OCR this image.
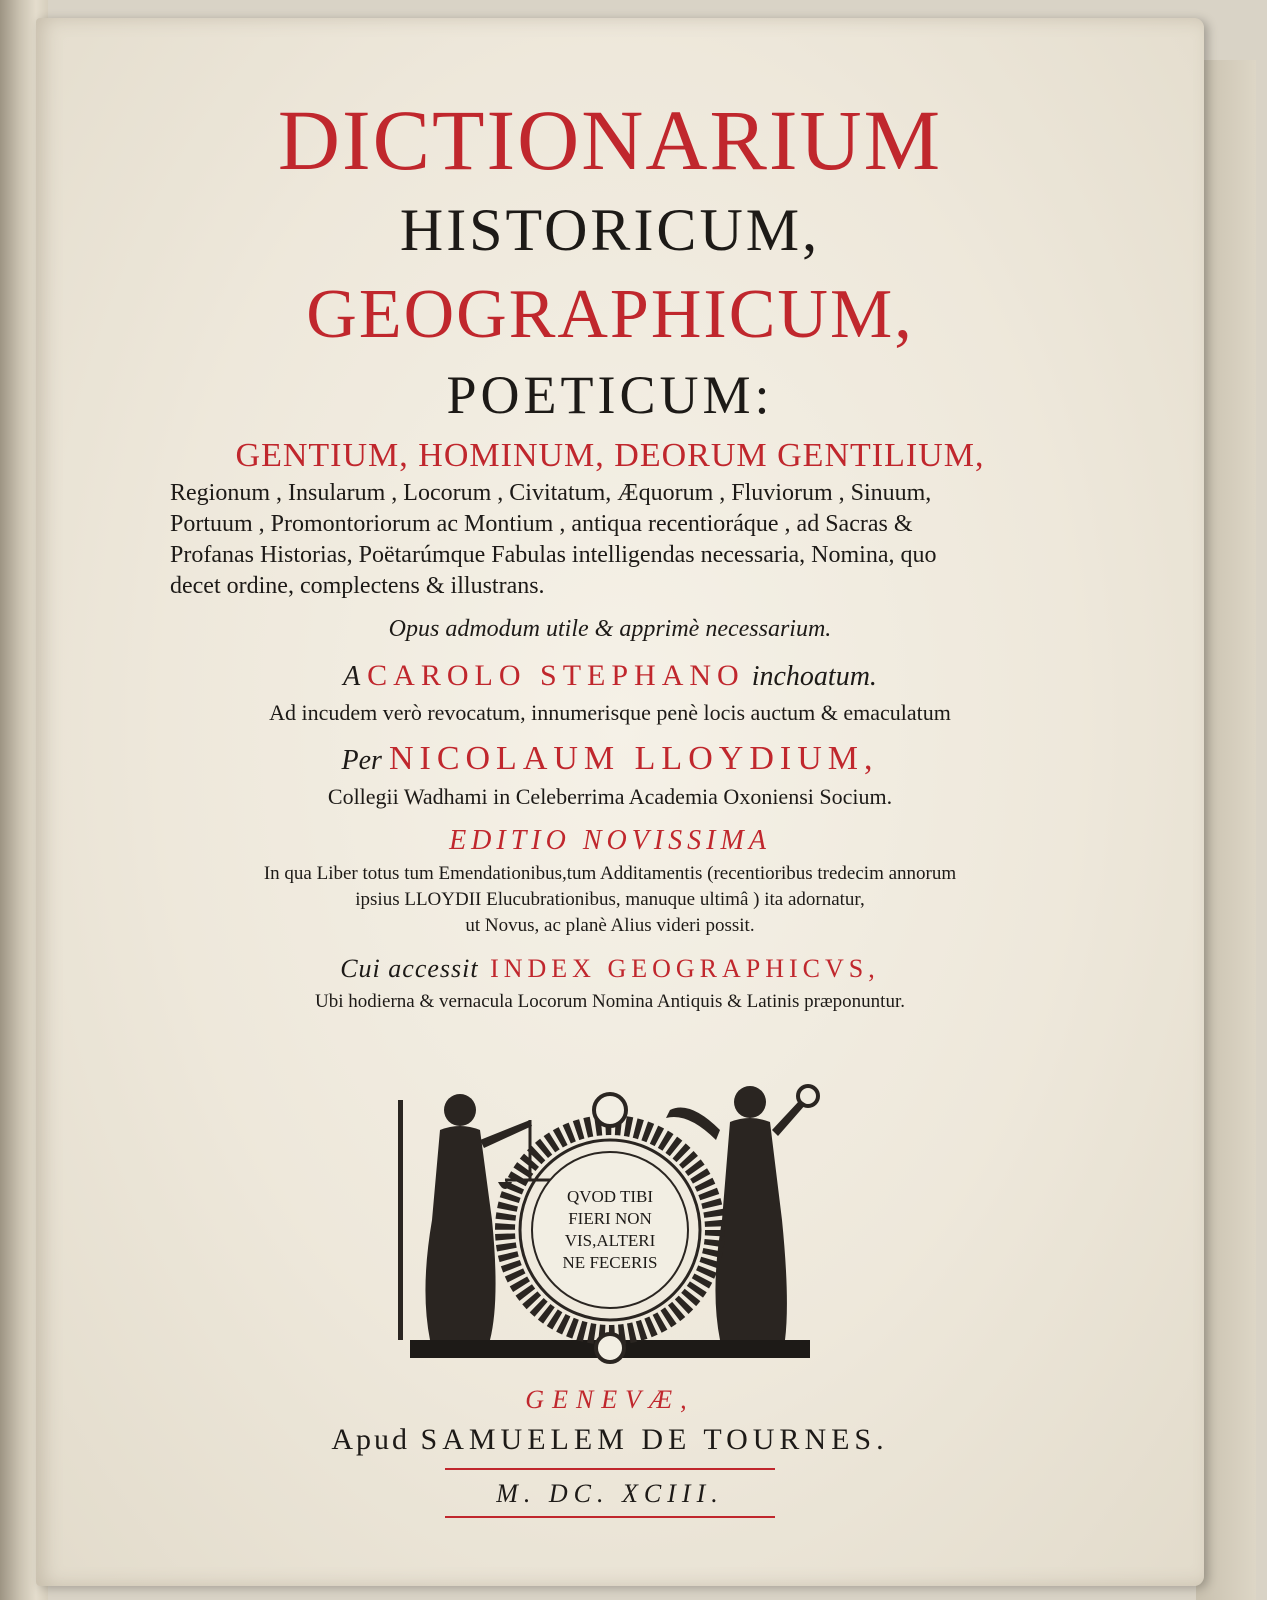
DICTIONARIUM
HISTORICUM,
GEOGRAPHICUM,
POETICUM:
GENTIUM, HOMINUM, DEORUM GENTILIUM,
Regionum , Insularum , Locorum , Civitatum, Æquorum , Fluviorum , Sinuum,
Portuum , Promontoriorum ac Montium , antiqua recentioráque , ad Sacras &
Profanas Historias, Poëtarúmque Fabulas intelligendas necessaria, Nomina, quo
decet ordine, complectens & illustrans.
Opus admodum utile & apprimè necessarium.
A CAROLO STEPHANO inchoatum.
Ad incudem verò revocatum, innumerisque penè locis auctum & emaculatum
Per NICOLAUM LLOYDIUM,
Collegii Wadhami in Celeberrima Academia Oxoniensi Socium.
EDITIO NOVISSIMA
In qua Liber totus tum Emendationibus,tum Additamentis (recentioribus tredecim annorum
ipsius LLOYDII Elucubrationibus, manuque ultimâ ) ita adornatur,
ut Novus, ac planè Alius videri possit.
Cui accessit INDEX GEOGRAPHICVS,
Ubi hodierna & vernacula Locorum Nomina Antiquis & Latinis præponuntur.
QVOD TIBI
FIERI NON
VIS,ALTERI
NE FECERIS
GENEVÆ,
Apud SAMUELEM DE TOURNES.
M. DC. XCIII.
